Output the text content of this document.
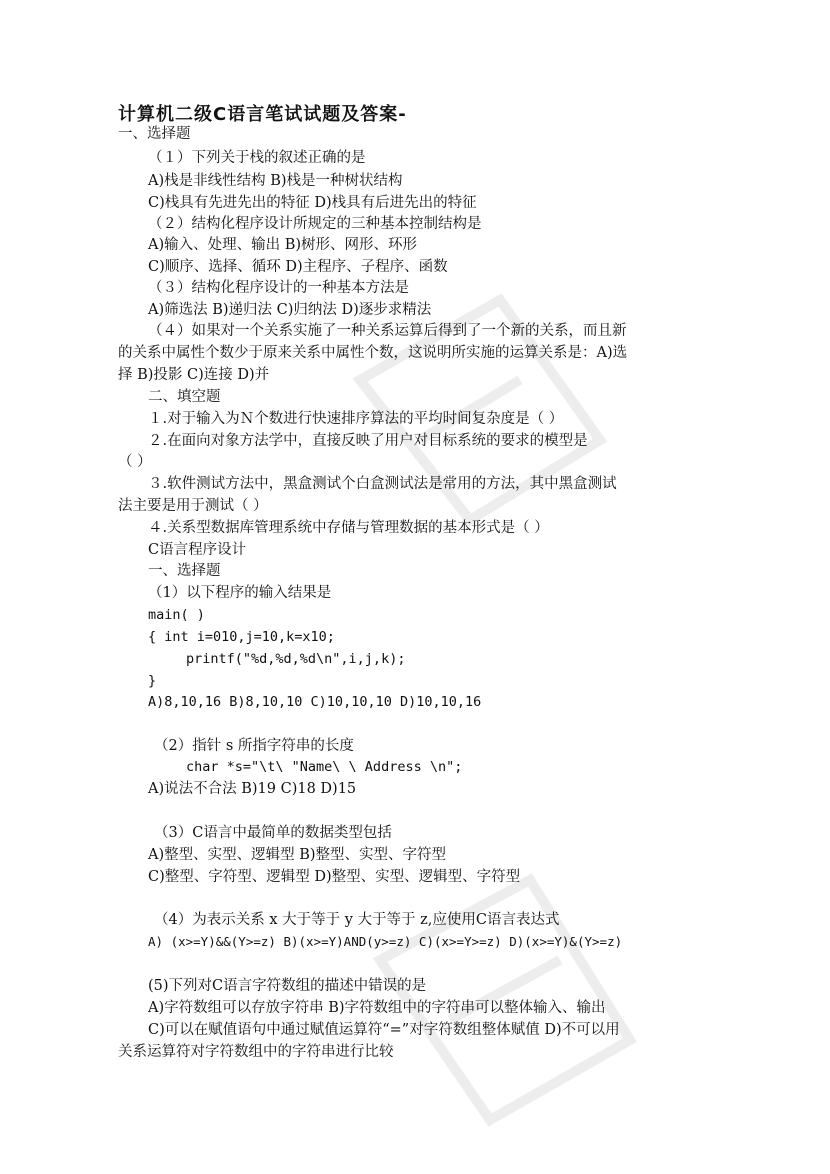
计算机二级C语言笔试试题及答案-
一、选择题
（１）下列关于栈的叙述正确的是
A)栈是非线性结构 B)栈是一种树状结构
C)栈具有先进先出的特征 D)栈具有后进先出的特征
（２）结构化程序设计所规定的三种基本控制结构是
A)输入、处理、输出 B)树形、网形、环形
C)顺序、选择、循环 D)主程序、子程序、函数
（３）结构化程序设计的一种基本方法是
A)筛选法 B)递归法 C)归纳法 D)逐步求精法
（４）如果对一个关系实施了一种关系运算后得到了一个新的关系，而且新
的关系中属性个数少于原来关系中属性个数，这说明所实施的运算关系是：A)选
择 B)投影 C)连接 D)并
二、填空题
１.对于输入为Ｎ个数进行快速排序算法的平均时间复杂度是（ ）
２.在面向对象方法学中，直接反映了用户对目标系统的要求的模型是
（ ）
３.软件测试方法中，黑盒测试个白盒测试法是常用的方法，其中黑盒测试
法主要是用于测试（ ）
４.关系型数据库管理系统中存储与管理数据的基本形式是（ ）
C语言程序设计
一、选择题
（1）以下程序的输入结果是
main( )
{ int i=010,j=10,k=x10;
printf("%d,%d,%d\n",i,j,k);
}
A)8,10,16 B)8,10,10 C)10,10,10 D)10,10,16
（2）指针 s 所指字符串的长度
char *s="\t\ "Name\ \ Address \n";
A)说法不合法 B)19 C)18 D)15
（3）C语言中最简单的数据类型包括
A)整型、实型、逻辑型 B)整型、实型、字符型
C)整型、字符型、逻辑型 D)整型、实型、逻辑型、字符型
（4）为表示关系 x 大于等于 y 大于等于 z,应使用C语言表达式
A) (x>=Y)&&(Y>=z) B)(x>=Y)AND(y>=z) C)(x>=Y>=z) D)(x>=Y)&(Y>=z)
(5)下列对C语言字符数组的描述中错误的是
A)字符数组可以存放字符串 B)字符数组中的字符串可以整体输入、输出
C)可以在赋值语句中通过赋值运算符“=”对字符数组整体赋值 D)不可以用
关系运算符对字符数组中的字符串进行比较
